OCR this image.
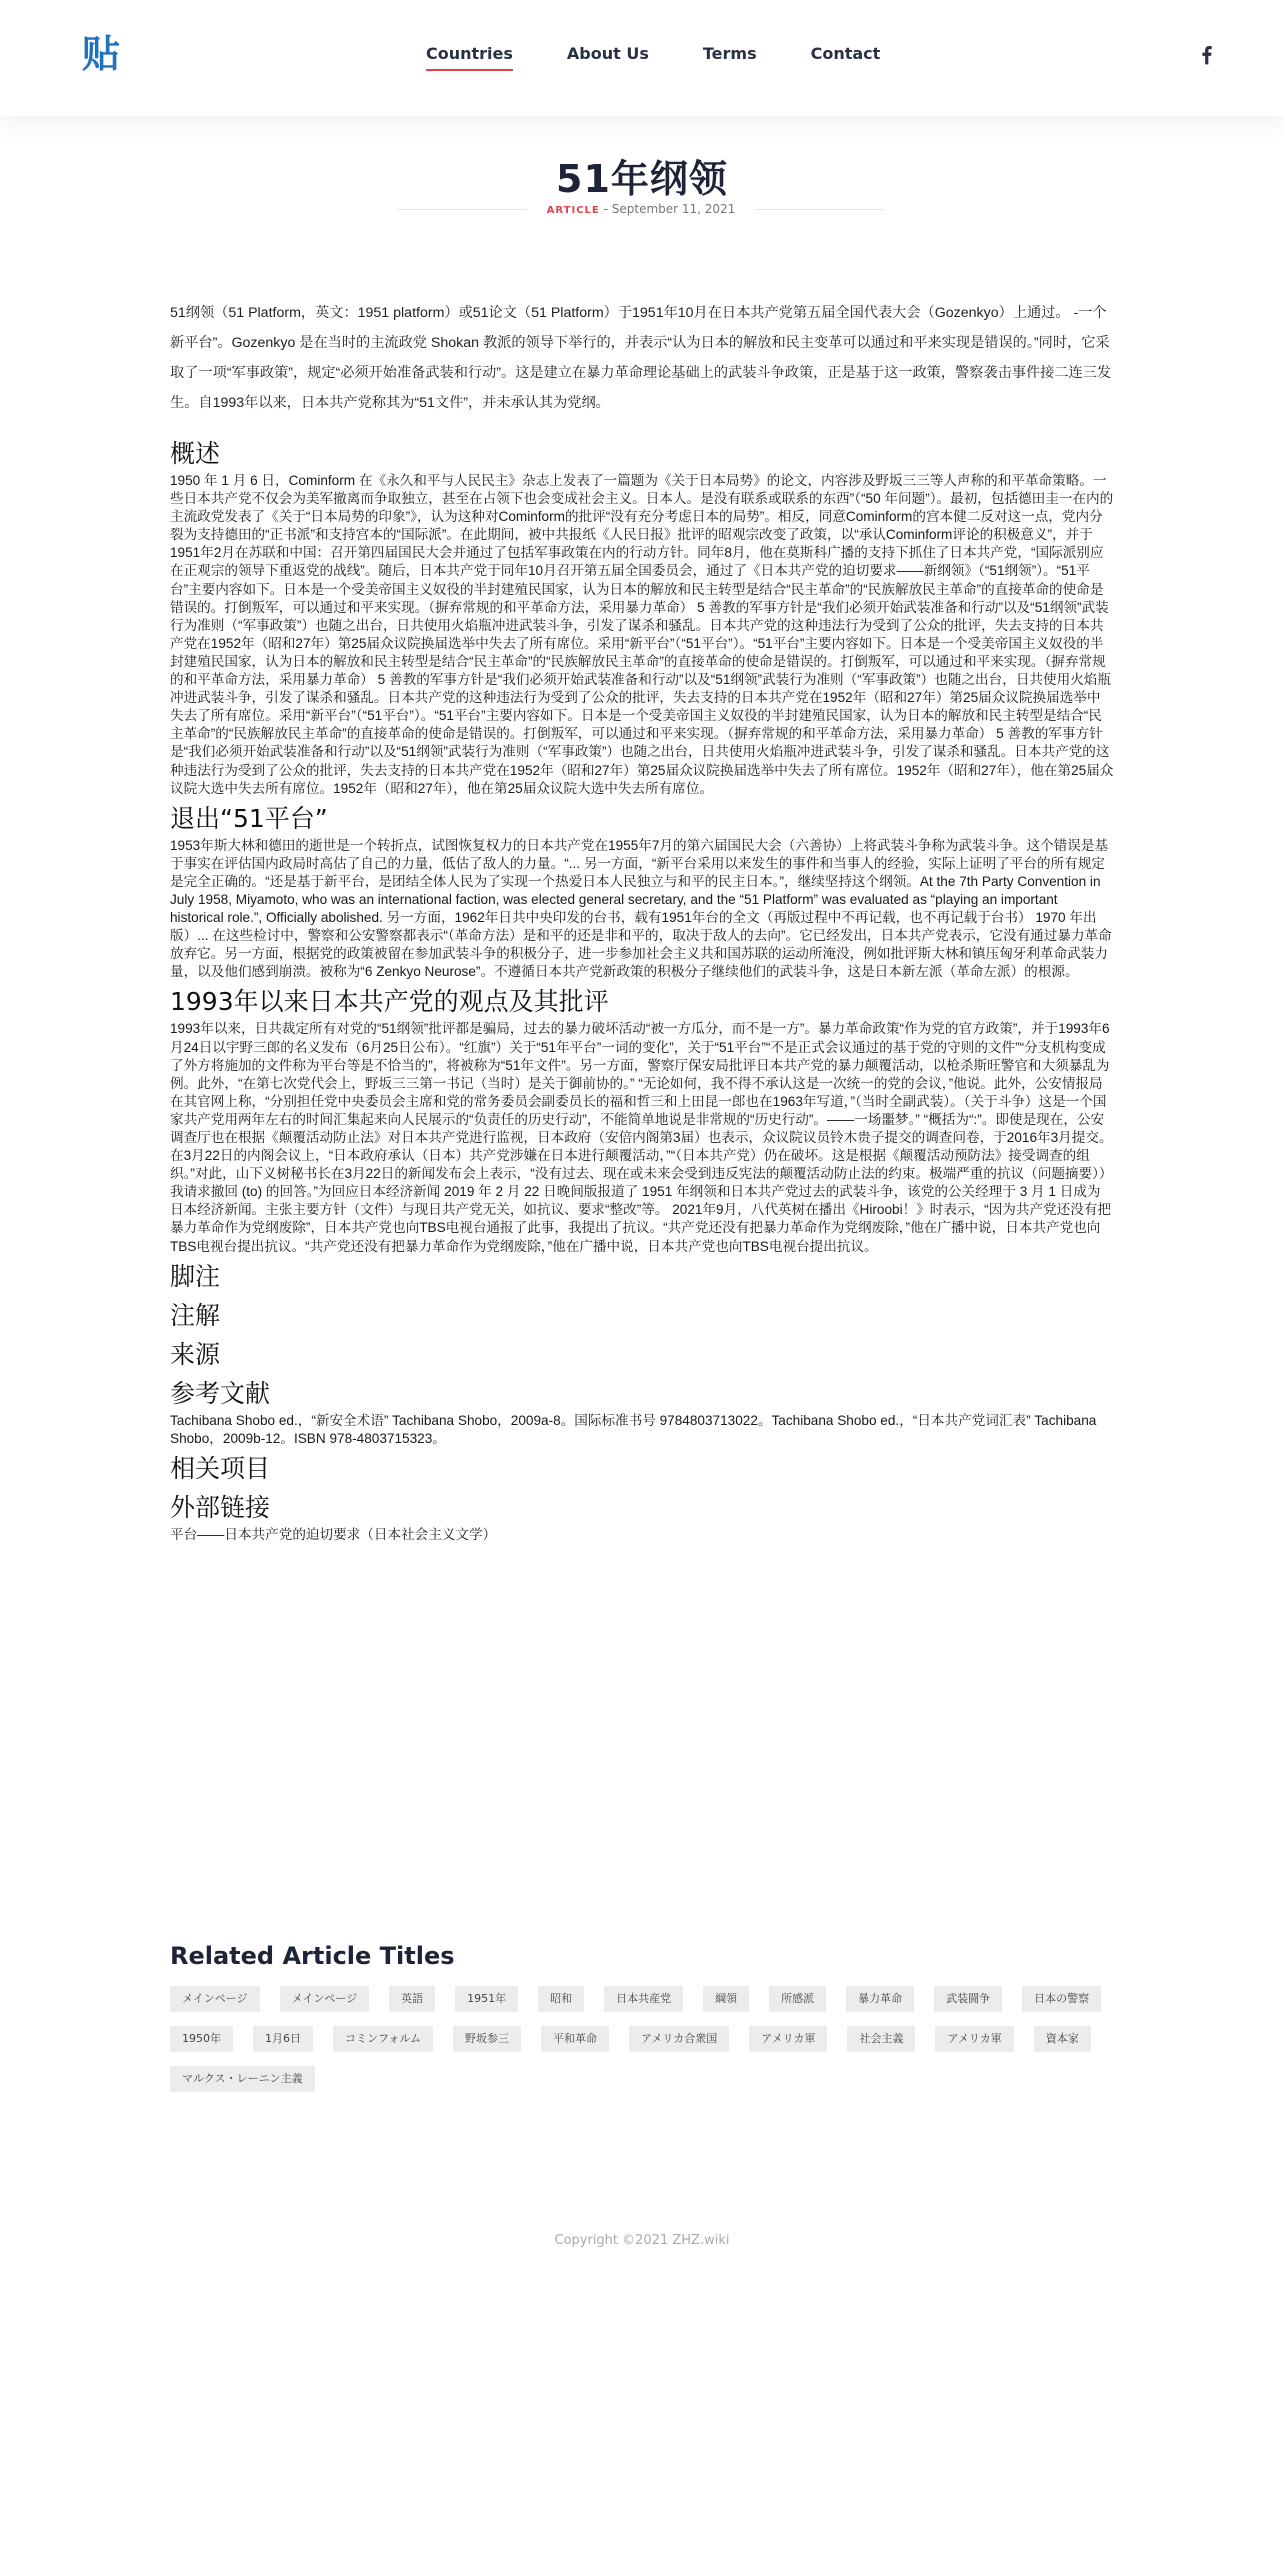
贴	Countries	About Us	Terms	Contact
51年纲领
ARTICLE - September 11, 2021

51纲领（51 Platform，英文：1951 platform）或51论文（51 Platform）于1951年10月在日本共产党第五届全国代表大会（Gozenkyo）上通过。 -一个新平台”。Gozenkyo 是在当时的主流政党 Shokan 教派的领导下举行的，并表示“认为日本的解放和民主变革可以通过和平来实现是错误的。”同时，它采取了一项“军事政策”，规定“必须开始准备武装和行动”。这是建立在暴力革命理论基础上的武装斗争政策，正是基于这一政策，警察袭击事件接二连三发生。自1993年以来，日本共产党称其为“51文件”，并未承认其为党纲。

概述

1950 年 1 月 6 日，Cominform 在《永久和平与人民民主》杂志上发表了一篇题为《关于日本局势》的论文，内容涉及野坂三三等人声称的和平革命策略。一些日本共产党不仅会为美军撤离而争取独立，甚至在占领下也会变成社会主义。日本人。是没有联系或联系的东西”（“50 年问题”）。最初，包括德田圭一在内的主流政党发表了《关于“日本局势的印象”》，认为这种对Cominform的批评“没有充分考虑日本的局势”。相反，同意Cominform的宫本健二反对这一点，党内分裂为支持德田的“正书派”和支持宫本的“国际派”。在此期间，被中共报纸《人民日报》批评的昭观宗改变了政策，以“承认Cominform评论的积极意义”，并于1951年2月在苏联和中国：召开第四届国民大会并通过了包括军事政策在内的行动方针。同年8月，他在莫斯科广播的支持下抓住了日本共产党，“国际派别应在正观宗的领导下重返党的战线”。随后，日本共产党于同年10月召开第五届全国委员会，通过了《日本共产党的迫切要求——新纲领》（“51纲领”）。“51平台”主要内容如下。日本是一个受美帝国主义奴役的半封建殖民国家，认为日本的解放和民主转型是结合“民主革命”的“民族解放民主革命”的直接革命的使命是错误的。打倒叛军，可以通过和平来实现。（摒弃常规的和平革命方法，采用暴力革命） 5 善教的军事方针是“我们必须开始武装准备和行动”以及“51纲领”武装行为准则（“军事政策”）也随之出台，日共使用火焰瓶冲进武装斗争，引发了谋杀和骚乱。日本共产党的这种违法行为受到了公众的批评，失去支持的日本共产党在1952年（昭和27年）第25届众议院换届选举中失去了所有席位。采用“新平台”（“51平台”）。“51平台”主要内容如下。日本是一个受美帝国主义奴役的半封建殖民国家，认为日本的解放和民主转型是结合“民主革命”的“民族解放民主革命”的直接革命的使命是错误的。打倒叛军，可以通过和平来实现。（摒弃常规的和平革命方法，采用暴力革命） 5 善教的军事方针是“我们必须开始武装准备和行动”以及“51纲领”武装行为准则（“军事政策”）也随之出台，日共使用火焰瓶冲进武装斗争，引发了谋杀和骚乱。日本共产党的这种违法行为受到了公众的批评，失去支持的日本共产党在1952年（昭和27年）第25届众议院换届选举中失去了所有席位。采用“新平台”（“51平台”）。“51平台”主要内容如下。日本是一个受美帝国主义奴役的半封建殖民国家，认为日本的解放和民主转型是结合“民主革命”的“民族解放民主革命”的直接革命的使命是错误的。打倒叛军，可以通过和平来实现。（摒弃常规的和平革命方法，采用暴力革命） 5 善教的军事方针是“我们必须开始武装准备和行动”以及“51纲领”武装行为准则（“军事政策”）也随之出台，日共使用火焰瓶冲进武装斗争，引发了谋杀和骚乱。日本共产党的这种违法行为受到了公众的批评，失去支持的日本共产党在1952年（昭和27年）第25届众议院换届选举中失去了所有席位。1952年（昭和27年），他在第25届众议院大选中失去所有席位。1952年（昭和27年），他在第25届众议院大选中失去所有席位。

退出“51平台”

1953年斯大林和德田的逝世是一个转折点，试图恢复权力的日本共产党在1955年7月的第六届国民大会（六善协）上将武装斗争称为武装斗争。这个错误是基于事实在评估国内政局时高估了自己的力量，低估了敌人的力量。“... 另一方面，“新平台采用以来发生的事件和当事人的经验，实际上证明了平台的所有规定是完全正确的。“还是基于新平台，是团结全体人民为了实现一个热爱日本人民独立与和平的民主日本。”，继续坚持这个纲领。At the 7th Party Convention in July 1958, Miyamoto, who was an international faction, was elected general secretary, and the “51 Platform” was evaluated as “playing an important historical role.”, Officially abolished. 另一方面，1962年日共中央印发的台书，载有1951年台的全文（再版过程中不再记载，也不再记载于台书） 1970 年出版）... 在这些检讨中，警察和公安警察都表示“（革命方法）是和平的还是非和平的，取决于敌人的去向”。它已经发出，日本共产党表示，它没有通过暴力革命放弃它。另一方面，根据党的政策被留在参加武装斗争的积极分子，进一步参加社会主义共和国苏联的运动所淹没，例如批评斯大林和镇压匈牙利革命武装力量，以及他们感到崩溃。被称为“6 Zenkyo Neurose”。不遵循日本共产党新政策的积极分子继续他们的武装斗争，这是日本新左派（革命左派）的根源。

1993年以来日本共产党的观点及其批评

1993年以来，日共裁定所有对党的“51纲领”批评都是骗局，过去的暴力破坏活动“被一方瓜分，而不是一方”。暴力革命政策“作为党的官方政策”，并于1993年6月24日以宇野三郎的名义发布（6月25日公布）。“红旗”）关于“51年平台”一词的变化”，关于“51平台”“不是正式会议通过的基于党的守则的文件”“分支机构变成了外方将施加的文件称为平台等是不恰当的”，将被称为“51年文件”。另一方面，警察厅保安局批评日本共产党的暴力颠覆活动，以枪杀斯旺警官和大须暴乱为例。此外，“在第七次党代会上，野坂三三第一书记（当时）是关于御前协的。” “无论如何，我不得不承认这是一次统一的党的会议，”他说。此外，公安情报局在其官网上称，“分别担任党中央委员会主席和党的常务委员会副委员长的福和哲三和上田昆一郎也在1963年写道，”（当时全副武装）。（关于斗争）这是一个国家共产党用两年左右的时间汇集起来向人民展示的“负责任的历史行动”，不能简单地说是非常规的“历史行动”。——一场噩梦。” “概括为“:”。即使是现在，公安调查厅也在根据《颠覆活动防止法》对日本共产党进行监视，日本政府（安倍内阁第3届）也表示，众议院议员铃木贵子提交的调查问卷，于2016年3月提交。在3月22日的内阁会议上，“日本政府承认（日本）共产党涉嫌在日本进行颠覆活动，”“（日本共产党）仍在破坏。这是根据《颠覆活动预防法》接受调查的组织。”对此，山下义树秘书长在3月22日的新闻发布会上表示，“没有过去、现在或未来会受到违反宪法的颠覆活动防止法的约束。极端严重的抗议（问题摘要））我请求撤回 (to) 的回答。”为回应日本经济新闻 2019 年 2 月 22 日晚间版报道了 1951 年纲领和日本共产党过去的武装斗争，该党的公关经理于 3 月 1 日成为日本经济新闻。主张主要方针（文件）与现日共产党无关，如抗议、要求“整改”等。 2021年9月，八代英树在播出《Hiroobi！》时表示，“因为共产党还没有把暴力革命作为党纲废除”，日本共产党也向TBS电视台通报了此事，我提出了抗议。“共产党还没有把暴力革命作为党纲废除，”他在广播中说，日本共产党也向TBS电视台提出抗议。“共产党还没有把暴力革命作为党纲废除，”他在广播中说，日本共产党也向TBS电视台提出抗议。

脚注
注解
来源
参考文献

Tachibana Shobo ed.，“新安全术语” Tachibana Shobo，2009a-8。国际标准书号 9784803713022。Tachibana Shobo ed.，“日本共产党词汇表” Tachibana Shobo，2009b-12。ISBN 978-4803715323。

相关项目
外部链接

平台——日本共产党的迫切要求（日本社会主义文学）

Related Article Titles
メインページ	メインページ	英語	1951年	昭和	日本共産党	綱領	所感派	暴力革命	武装闘争	日本の警察
1950年	1月6日	コミンフォルム	野坂参三	平和革命	アメリカ合衆国	アメリカ軍	社会主義	アメリカ軍	資本家
マルクス・レーニン主義
Copyright ©2021 ZHZ.wiki
